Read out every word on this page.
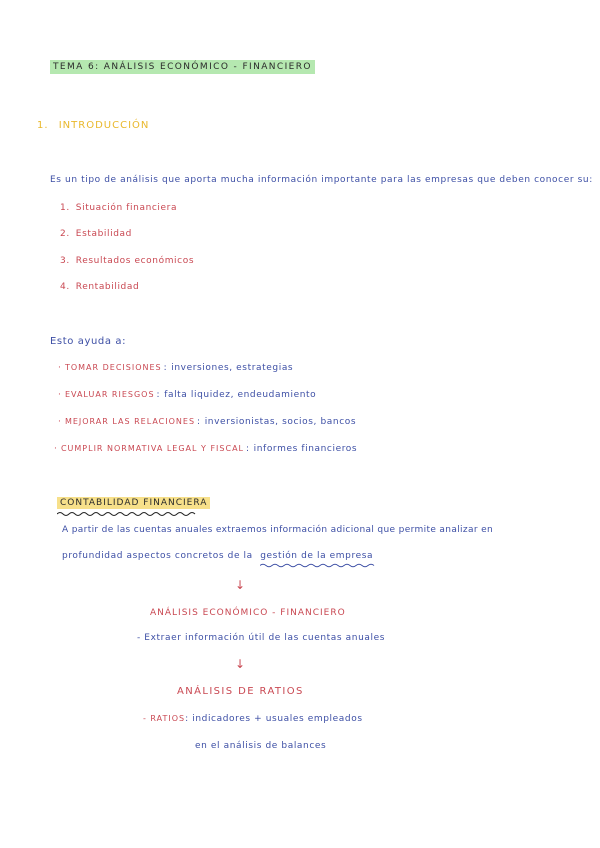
TEMA 6: ANÁLISIS ECONÓMICO - FINANCIERO
1. INTRODUCCIÓN
Es un tipo de análisis que aporta mucha información importante para las empresas que deben conocer su:
1. Situación financiera
2. Estabilidad
3. Resultados económicos
4. Rentabilidad
Esto ayuda a:
· TOMAR DECISIONES : inversiones, estrategias
· EVALUAR RIESGOS : falta liquidez, endeudamiento
· MEJORAR LAS RELACIONES : inversionistas, socios, bancos
· CUMPLIR NORMATIVA LEGAL Y FISCAL : informes financieros
CONTABILIDAD FINANCIERA
A partir de las cuentas anuales extraemos información adicional que permite analizar en
profundidad aspectos concretos de la gestión de la empresa
↓
ANÁLISIS ECONÓMICO - FINANCIERO
- Extraer información útil de las cuentas anuales
↓
ANÁLISIS DE RATIOS
- RATIOS: indicadores + usuales empleados
en el análisis de balances
